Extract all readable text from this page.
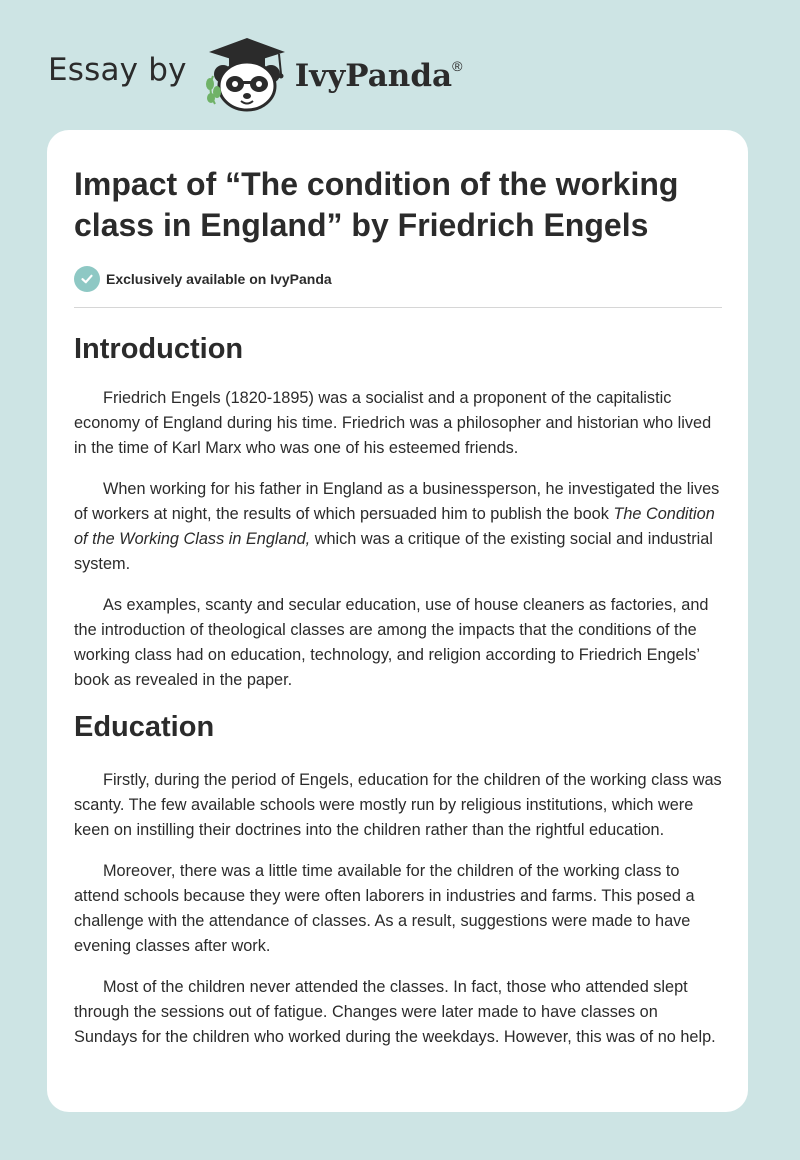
Essay by	IvyPanda®
Impact of “The condition of the working class in England” by Friedrich Engels
Exclusively available on IvyPanda
Introduction

Friedrich Engels (1820-1895) was a socialist and a proponent of the capitalistic economy of England during his time. Friedrich was a philosopher and historian who lived in the time of Karl Marx who was one of his esteemed friends.

When working for his father in England as a businessperson, he investigated the lives of workers at night, the results of which persuaded him to publish the book The Condition of the Working Class in England, which was a critique of the existing social and industrial system.

As examples, scanty and secular education, use of house cleaners as factories, and the introduction of theological classes are among the impacts that the conditions of the working class had on education, technology, and religion according to Friedrich Engels’ book as revealed in the paper.

Education

Firstly, during the period of Engels, education for the children of the working class was scanty. The few available schools were mostly run by religious institutions, which were keen on instilling their doctrines into the children rather than the rightful education.

Moreover, there was a little time available for the children of the working class to attend schools because they were often laborers in industries and farms. This posed a challenge with the attendance of classes. As a result, suggestions were made to have evening classes after work.

Most of the children never attended the classes. In fact, those who attended slept through the sessions out of fatigue. Changes were later made to have classes on Sundays for the children who worked during the weekdays. However, this was of no help.
